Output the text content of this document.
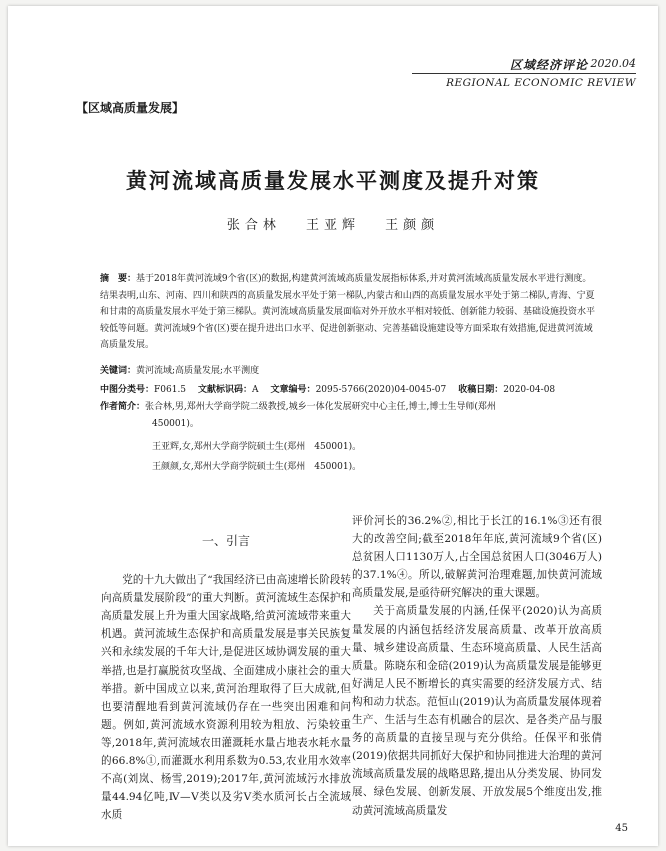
区域经济评论 2020.04
REGIONAL ECONOMIC REVIEW
【区域高质量发展】
黄河流域高质量发展水平测度及提升对策
张合林 王亚辉 王颜颜
摘　要：基于2018年黄河流域9个省(区)的数据,构建黄河流域高质量发展指标体系,并对黄河流域高质量发展水平进行测度。结果表明,山东、河南、四川和陕西的高质量发展水平处于第一梯队,内蒙古和山西的高质量发展水平处于第二梯队,青海、宁夏和甘肃的高质量发展水平处于第三梯队。黄河流域高质量发展面临对外开放水平相对较低、创新能力较弱、基础设施投资水平较低等问题。黄河流域9个省(区)要在提升进出口水平、促进创新驱动、完善基础设施建设等方面采取有效措施,促进黄河流域高质量发展。
关键词：黄河流域;高质量发展;水平测度
中图分类号：F061.5 文献标识码：A 文章编号：2095-5766(2020)04-0045-07 收稿日期：2020-04-08
作者简介：张合林,男,郑州大学商学院二级教授,城乡一体化发展研究中心主任,博士,博士生导师(郑州
450001)。
王亚辉,女,郑州大学商学院硕士生(郑州　450001)。
王颜颜,女,郑州大学商学院硕士生(郑州　450001)。
一、引言

党的十九大做出了“我国经济已由高速增长阶段转向高质量发展阶段”的重大判断。黄河流域生态保护和高质量发展上升为重大国家战略,给黄河流域带来重大机遇。黄河流域生态保护和高质量发展是事关民族复兴和永续发展的千年大计,是促进区域协调发展的重大举措,也是打赢脱贫攻坚战、全面建成小康社会的重大举措。新中国成立以来,黄河治理取得了巨大成就,但也要清醒地看到黄河流域仍存在一些突出困难和问题。例如,黄河流域水资源利用较为粗放、污染较重等,2018年,黄河流域农田灌溉耗水量占地表水耗水量的66.8%①,而灌溉水利用系数为0.53,农业用水效率不高(刘岚、杨雪,2019);2017年,黄河流域污水排放量44.94亿吨,Ⅳ—Ⅴ类以及劣Ⅴ类水质河长占全流域水质

评价河长的36.2%②,相比于长江的16.1%③还有很大的改善空间;截至2018年年底,黄河流域9个省(区)总贫困人口1130万人,占全国总贫困人口(3046万人)的37.1%④。所以,破解黄河治理难题,加快黄河流域高质量发展,是亟待研究解决的重大课题。

关于高质量发展的内涵,任保平(2020)认为高质量发展的内涵包括经济发展高质量、改革开放高质量、城乡建设高质量、生态环境高质量、人民生活高质量。陈晓东和金碚(2019)认为高质量发展是能够更好满足人民不断增长的真实需要的经济发展方式、结构和动力状态。范恒山(2019)认为高质量发展体现着生产、生活与生态有机融合的层次、是各类产品与服务的高质量的直接呈现与充分供给。任保平和张倩(2019)依据共同抓好大保护和协同推进大治理的黄河流域高质量发展的战略思路,提出从分类发展、协同发展、绿色发展、创新发展、开放发展5个维度出发,推动黄河流域高质量发

45
